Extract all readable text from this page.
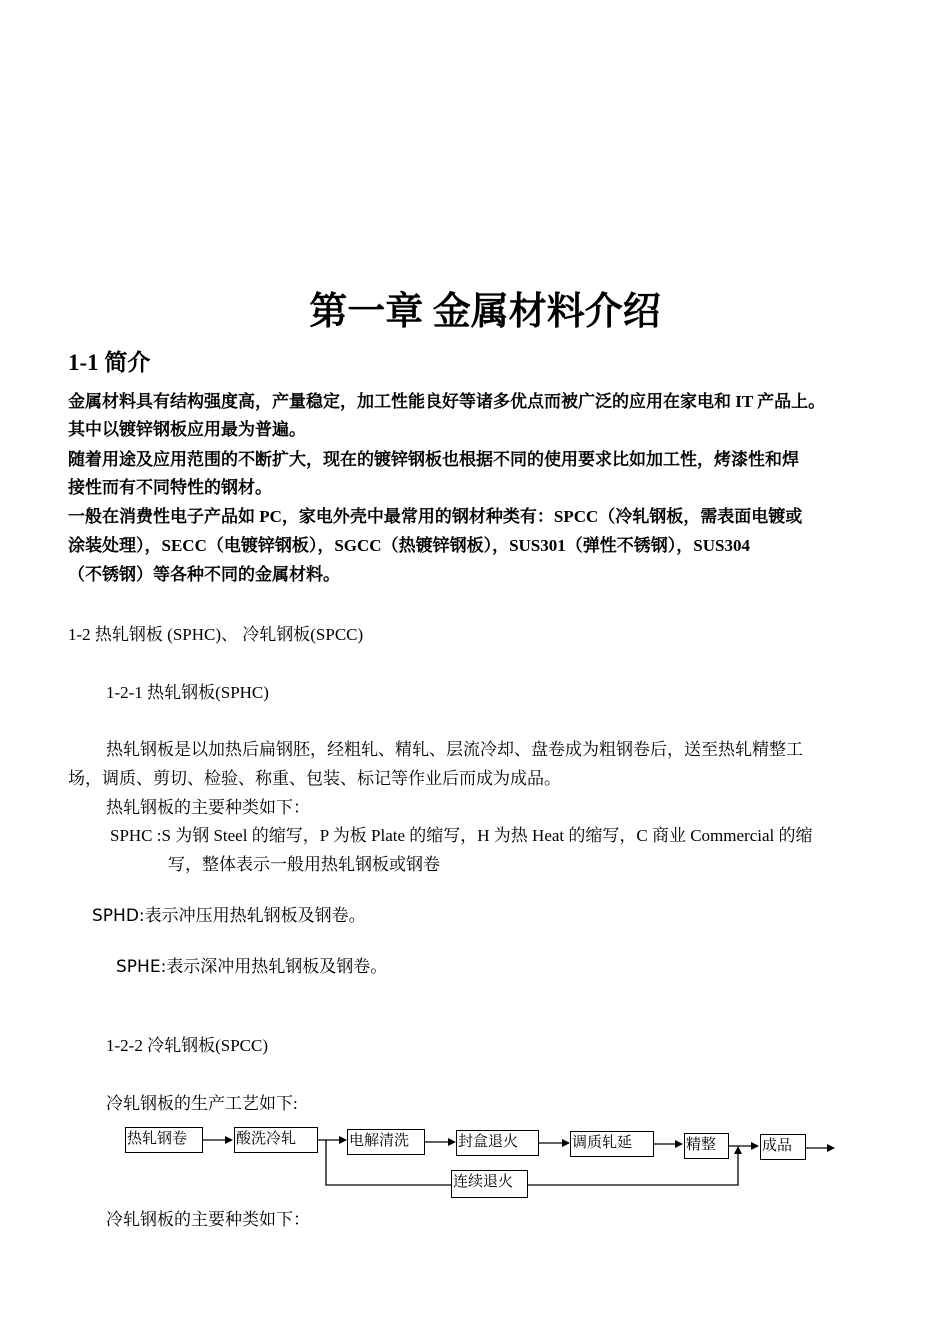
第一章 金属材料介绍
1-1 简介
金属材料具有结构强度高，产量稳定，加工性能良好等诸多优点而被广泛的应用在家电和 IT 产品上。
其中以镀锌钢板应用最为普遍。
随着用途及应用范围的不断扩大，现在的镀锌钢板也根据不同的使用要求比如加工性，烤漆性和焊
接性而有不同特性的钢材。
一般在消费性电子产品如 PC，家电外壳中最常用的钢材种类有：SPCC（冷轧钢板，需表面电镀或
涂装处理），SECC（电镀锌钢板），SGCC（热镀锌钢板），SUS301（弹性不锈钢），SUS304
（不锈钢）等各种不同的金属材料。
1-2 热轧钢板 (SPHC)、 冷轧钢板(SPCC)
1-2-1 热轧钢板(SPHC)
热轧钢板是以加热后扁钢胚，经粗轧、精轧、层流冷却、盘卷成为粗钢卷后，送至热轧精整工
场，调质、剪切、检验、称重、包装、标记等作业后而成为成品。
热轧钢板的主要种类如下：
SPHC :S 为钢 Steel 的缩写，P 为板 Plate 的缩写，H 为热 Heat 的缩写，C 商业 Commercial 的缩
写，整体表示一般用热轧钢板或钢卷
SPHD:表示冲压用热轧钢板及钢卷。
SPHE:表示深冲用热轧钢板及钢卷。
1-2-2 冷轧钢板(SPCC)
冷轧钢板的生产工艺如下:
热轧钢卷	酸洗冷轧	电解清洗	封盒退火	调质轧延	精整	成品
连续退火
冷轧钢板的主要种类如下：
